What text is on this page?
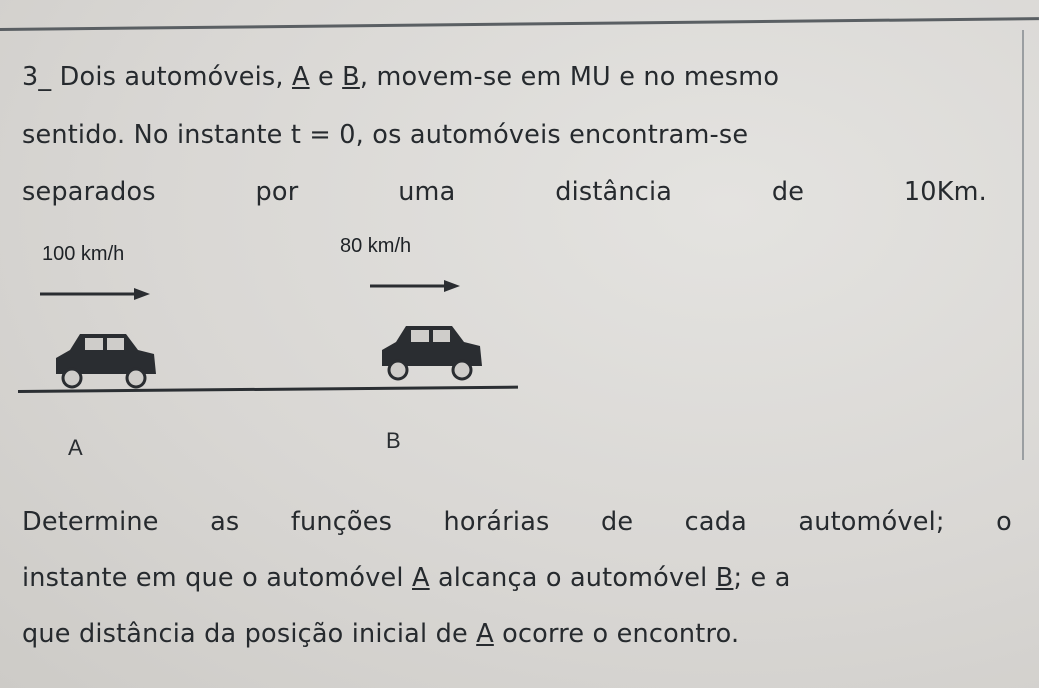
3_ Dois automóveis, A e B, movem-se em MU e no mesmo
sentido. No instante t = 0, os automóveis encontram-se
separados	por	uma	distância	de	10Km.
100 km/h	80 km/h
A	B
Determine as funções horárias de cada automóvel; o
instante em que o automóvel A alcança o automóvel B; e a
que distância da posição inicial de A ocorre o encontro.
